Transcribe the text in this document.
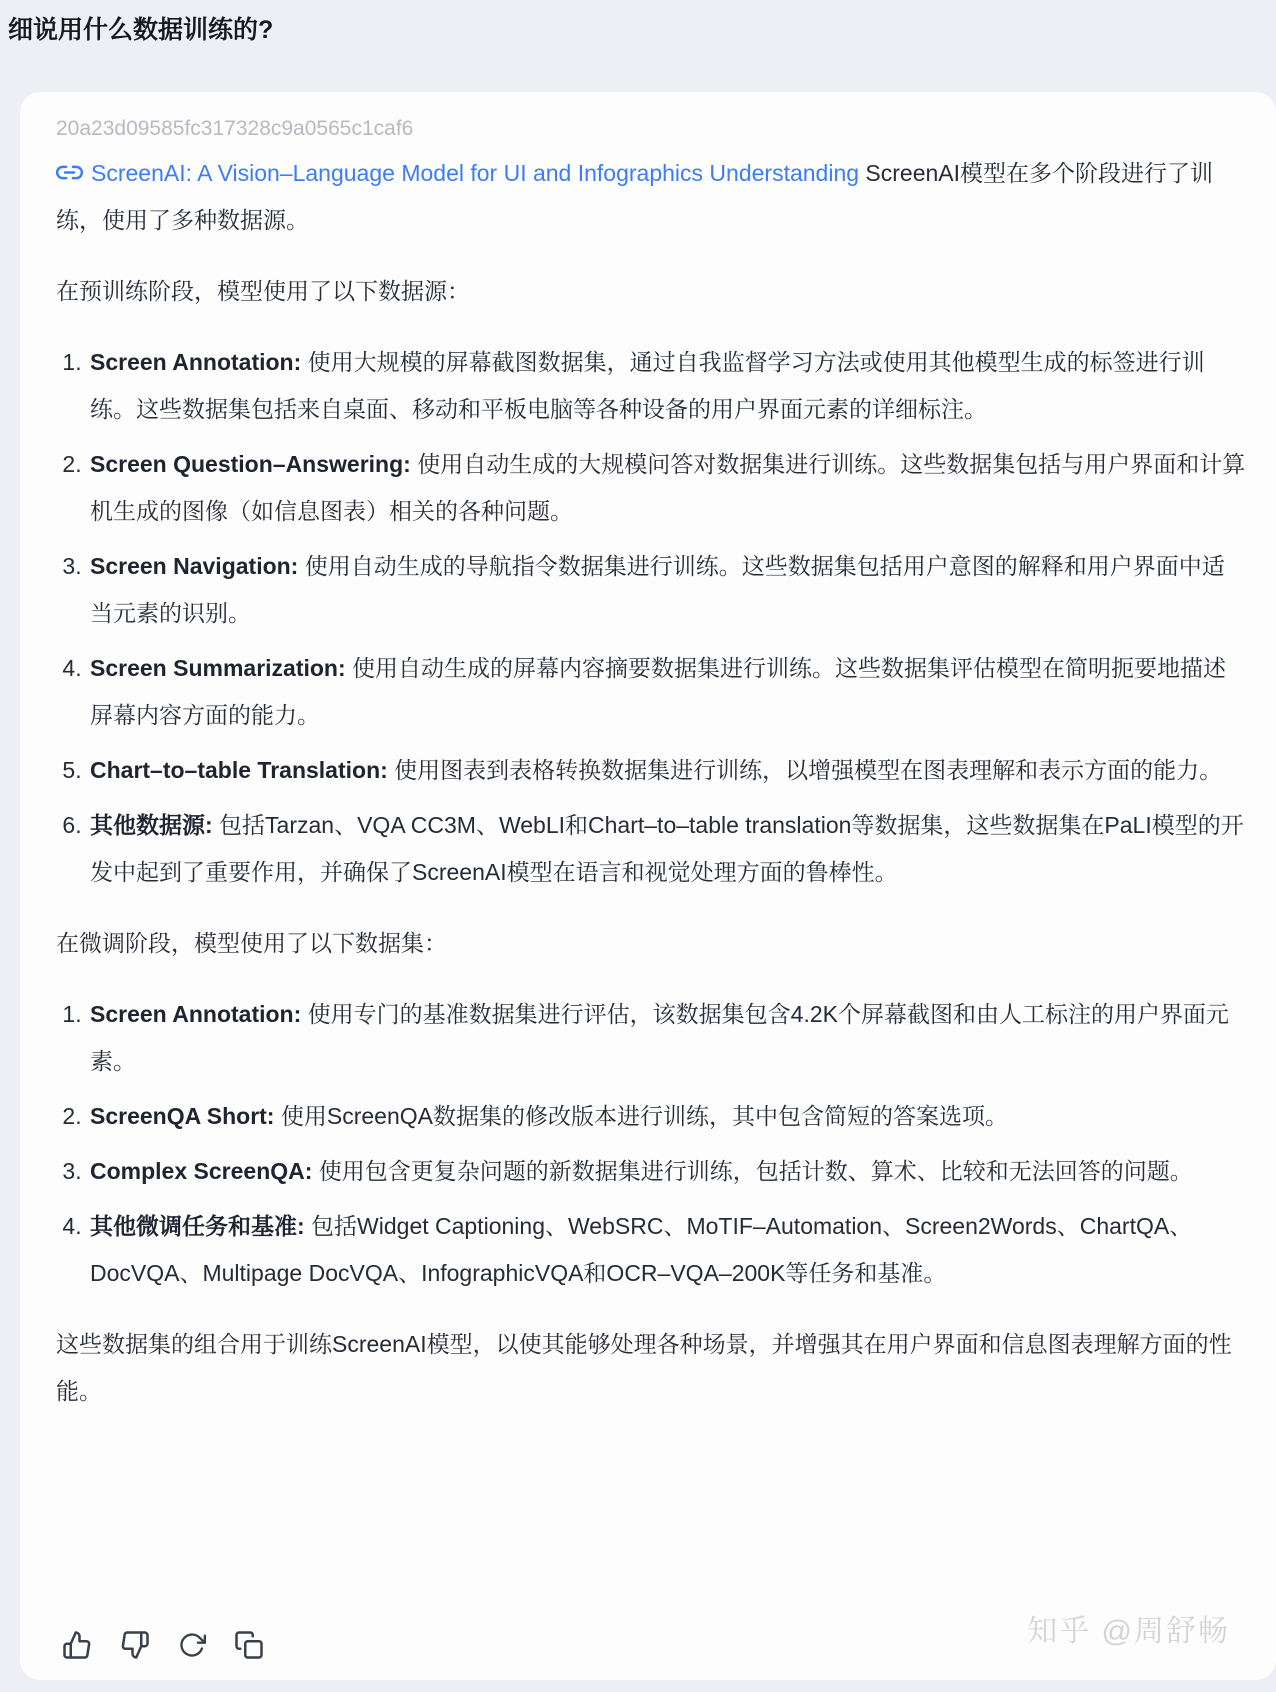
细说用什么数据训练的?
20a23d09585fc317328c9a0565c1caf6

ScreenAI: A Vision–Language Model for UI and Infographics Understanding ScreenAI模型在多个阶段进行了训练，使用了多种数据源。

在预训练阶段，模型使用了以下数据源：

1. Screen Annotation: 使用大规模的屏幕截图数据集，通过自我监督学习方法或使用其他模型生成的标签进行训练。这些数据集包括来自桌面、移动和平板电脑等各种设备的用户界面元素的详细标注。
2. Screen Question–Answering: 使用自动生成的大规模问答对数据集进行训练。这些数据集包括与用户界面和计算机生成的图像（如信息图表）相关的各种问题。
3. Screen Navigation: 使用自动生成的导航指令数据集进行训练。这些数据集包括用户意图的解释和用户界面中适当元素的识别。
4. Screen Summarization: 使用自动生成的屏幕内容摘要数据集进行训练。这些数据集评估模型在简明扼要地描述屏幕内容方面的能力。
5. Chart–to–table Translation: 使用图表到表格转换数据集进行训练，以增强模型在图表理解和表示方面的能力。
6. 其他数据源: 包括Tarzan、VQA CC3M、WebLI和Chart–to–table translation等数据集，这些数据集在PaLI模型的开发中起到了重要作用，并确保了ScreenAI模型在语言和视觉处理方面的鲁棒性。

在微调阶段，模型使用了以下数据集：

1. Screen Annotation: 使用专门的基准数据集进行评估，该数据集包含4.2K个屏幕截图和由人工标注的用户界面元素。
2. ScreenQA Short: 使用ScreenQA数据集的修改版本进行训练，其中包含简短的答案选项。
3. Complex ScreenQA: 使用包含更复杂问题的新数据集进行训练，包括计数、算术、比较和无法回答的问题。
4. 其他微调任务和基准: 包括Widget Captioning、WebSRC、MoTIF–Automation、Screen2Words、ChartQA、DocVQA、Multipage DocVQA、InfographicVQA和OCR–VQA–200K等任务和基准。

这些数据集的组合用于训练ScreenAI模型，以使其能够处理各种场景，并增强其在用户界面和信息图表理解方面的性能。

知乎 @周舒畅
